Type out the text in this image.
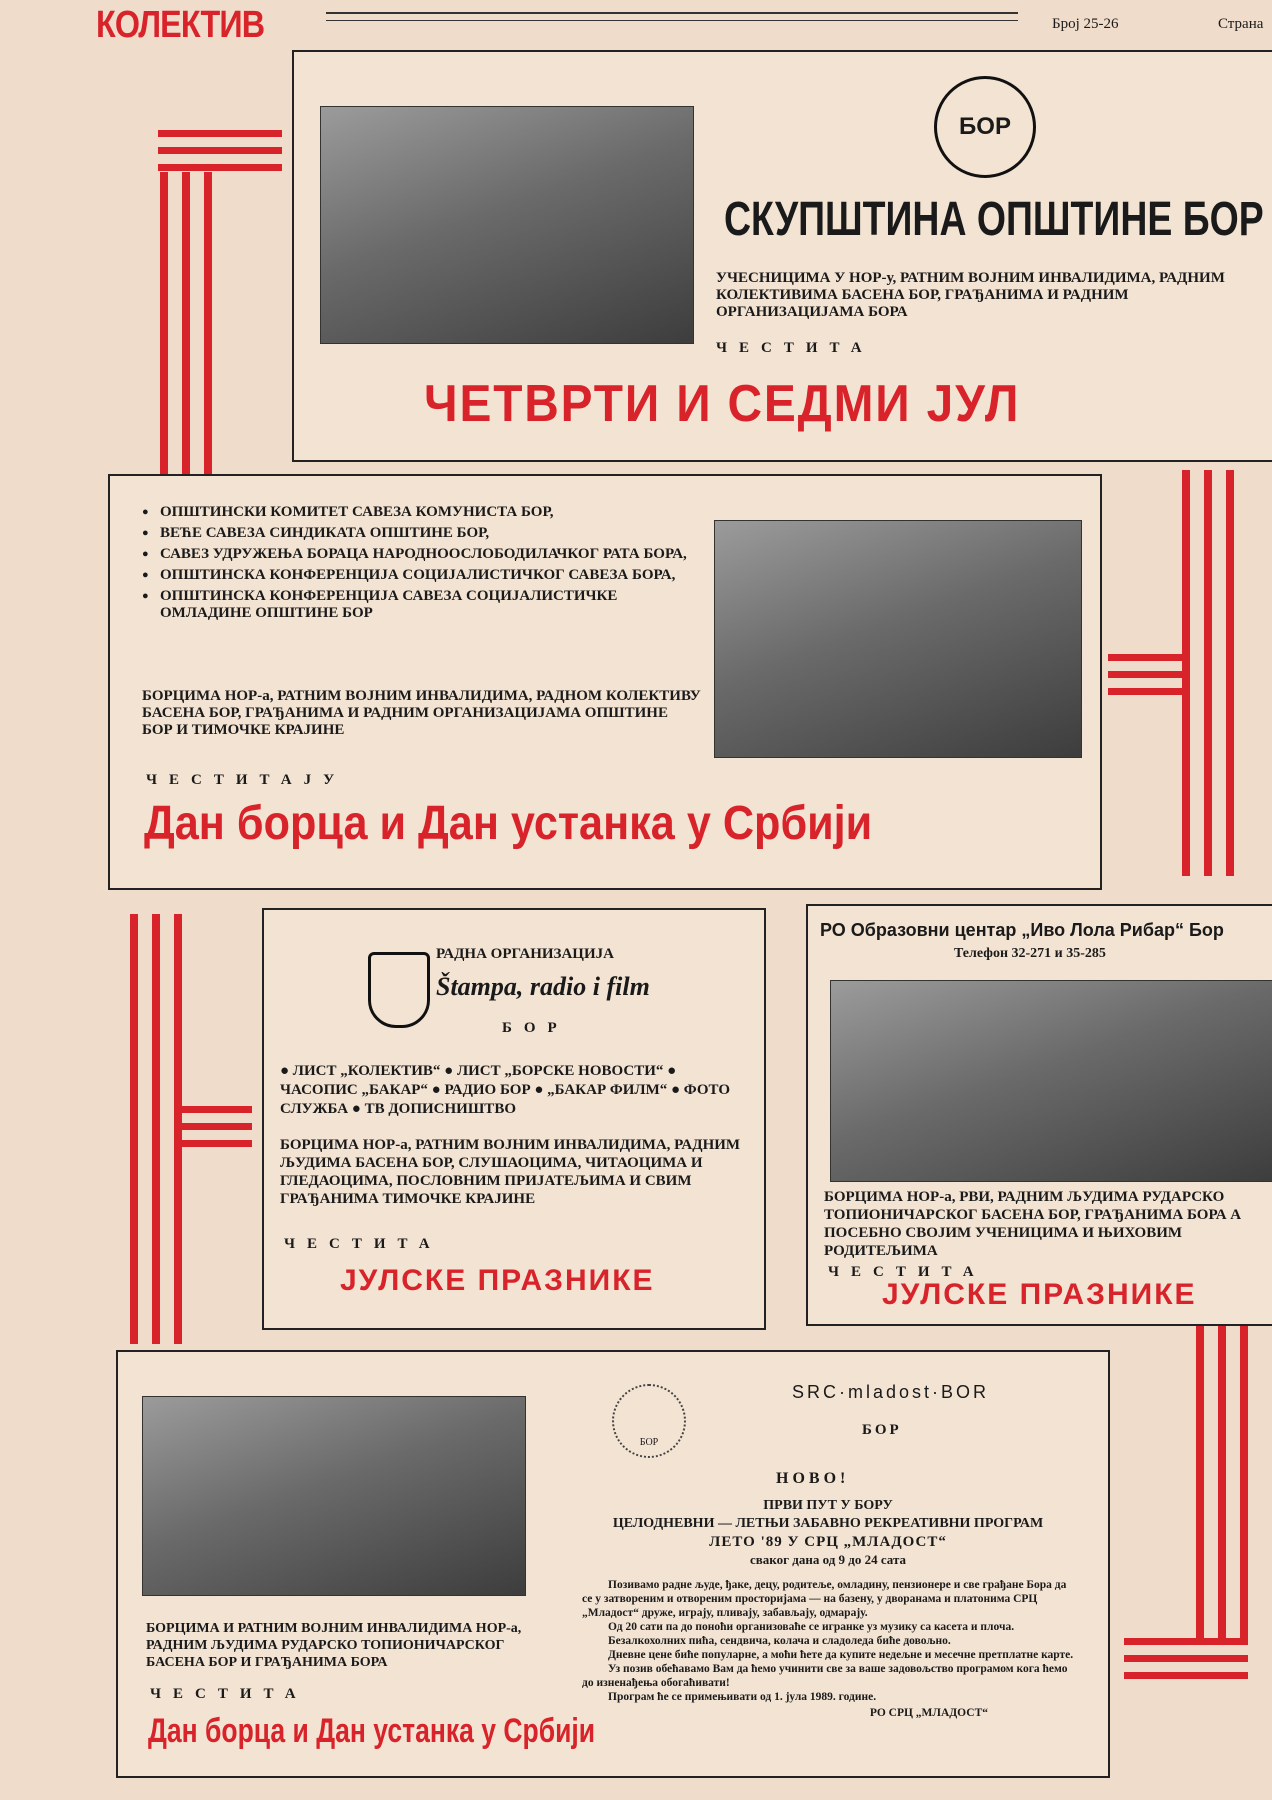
КОЛЕКТИВ	Број 25-26	Страна
БОР
СКУПШТИНА ОПШТИНЕ БОР
УЧЕСНИЦИМА У НОР-у, РАТНИМ ВОЈНИМ ИНВАЛИДИМА, РАДНИМ КОЛЕКТИВИМА БАСЕНА БОР, ГРАЂАНИМА И РАДНИМ ОРГАНИЗАЦИЈАМА БОРА
ЧЕСТИТА
ЧЕТВРТИ И СЕДМИ ЈУЛ
● ОПШТИНСКИ КОМИТЕТ САВЕЗА КОМУНИСТА БОР,
● ВЕЋЕ САВЕЗА СИНДИКАТА ОПШТИНЕ БОР,
● САВЕЗ УДРУЖЕЊА БОРАЦА НАРОДНООСЛОБОДИЛАЧКОГ РАТА БОРА,
● ОПШТИНСКА КОНФЕРЕНЦИЈА СОЦИЈАЛИСТИЧКОГ САВЕЗА БОРА,
● ОПШТИНСКА КОНФЕРЕНЦИЈА САВЕЗА СОЦИЈАЛИСТИЧКЕ ОМЛАДИНЕ ОПШТИНЕ БОР
БОРЦИМА НОР-а, РАТНИМ ВОЈНИМ ИНВАЛИДИМА, РАДНОМ КОЛЕКТИВУ БАСЕНА БОР, ГРАЂАНИМА И РАДНИМ ОРГАНИЗАЦИЈАМА ОПШТИНЕ БОР И ТИМОЧКЕ КРАЈИНЕ
ЧЕСТИТАЈУ
Дан борца и Дан устанка у Србији
РАДНА ОРГАНИЗАЦИЈА
Štampa, radio i film
БОР
● ЛИСТ „КОЛЕКТИВ“ ● ЛИСТ „БОРСКЕ НОВОСТИ“ ● ЧАСОПИС „БАКАР“ ● РАДИО БОР ● „БАКАР ФИЛМ“ ● ФОТО СЛУЖБА ● ТВ ДОПИСНИШТВО
БОРЦИМА НОР-а, РАТНИМ ВОЈНИМ ИНВАЛИДИМА, РАДНИМ ЉУДИМА БАСЕНА БОР, СЛУШАОЦИМА, ЧИТАОЦИМА И ГЛЕДАОЦИМА, ПОСЛОВНИМ ПРИЈАТЕЉИМА И СВИМ ГРАЂАНИМА ТИМОЧКЕ КРАЈИНЕ
ЧЕСТИТА
ЈУЛСКЕ ПРАЗНИКЕ
РО Образовни центар „Иво Лола Рибар“ Бор
Телефон 32-271 и 35-285
БОРЦИМА НОР-а, РВИ, РАДНИМ ЉУДИМА РУДАРСКО ТОПИОНИЧАРСКОГ БАСЕНА БОР, ГРАЂАНИМА БОРА А ПОСЕБНО СВОЈИМ УЧЕНИЦИМА И ЊИХОВИМ РОДИТЕЉИМА
ЧЕСТИТА
ЈУЛСКЕ ПРАЗНИКЕ
БОРЦИМА И РАТНИМ ВОЈНИМ ИНВАЛИДИМА НОР-а, РАДНИМ ЉУДИМА РУДАРСКО ТОПИОНИЧАРСКОГ БАСЕНА БОР И ГРАЂАНИМА БОРА
ЧЕСТИТА
Дан борца и Дан устанка у Србији
БОР
SRC·mladost·BOR
БОР
НОВО!
ПРВИ ПУТ У БОРУ
ЦЕЛОДНЕВНИ — ЛЕТЊИ ЗАБАВНО РЕКРЕАТИВНИ ПРОГРАМ
ЛЕТО '89 У СРЦ „МЛАДОСТ“
сваког дана од 9 до 24 сата

Позивамо радне људе, ђаке, децу, родитеље, омладину, пензионере и све грађане Бора да се у затвореним и отвореним просторијама — на базену, у дворанама и платонима СРЦ „Младост“ друже, играју, пливају, забављају, одмарају.

Од 20 сати па до поноћи организоваће се игранке уз музику са касета и плоча.

Безалкохолних пића, сендвича, колача и сладоледа биће довољно.

Дневне цене биће популарне, а моћи ћете да купите недељне и месечне претплатне карте.

Уз позив обећавамо Вам да ћемо учинити све за ваше задовољство програмом кога ћемо до изненађења обогаћивати!

Програм ће се примењивати од 1. јула 1989. године.

РО СРЦ „МЛАДОСТ“
